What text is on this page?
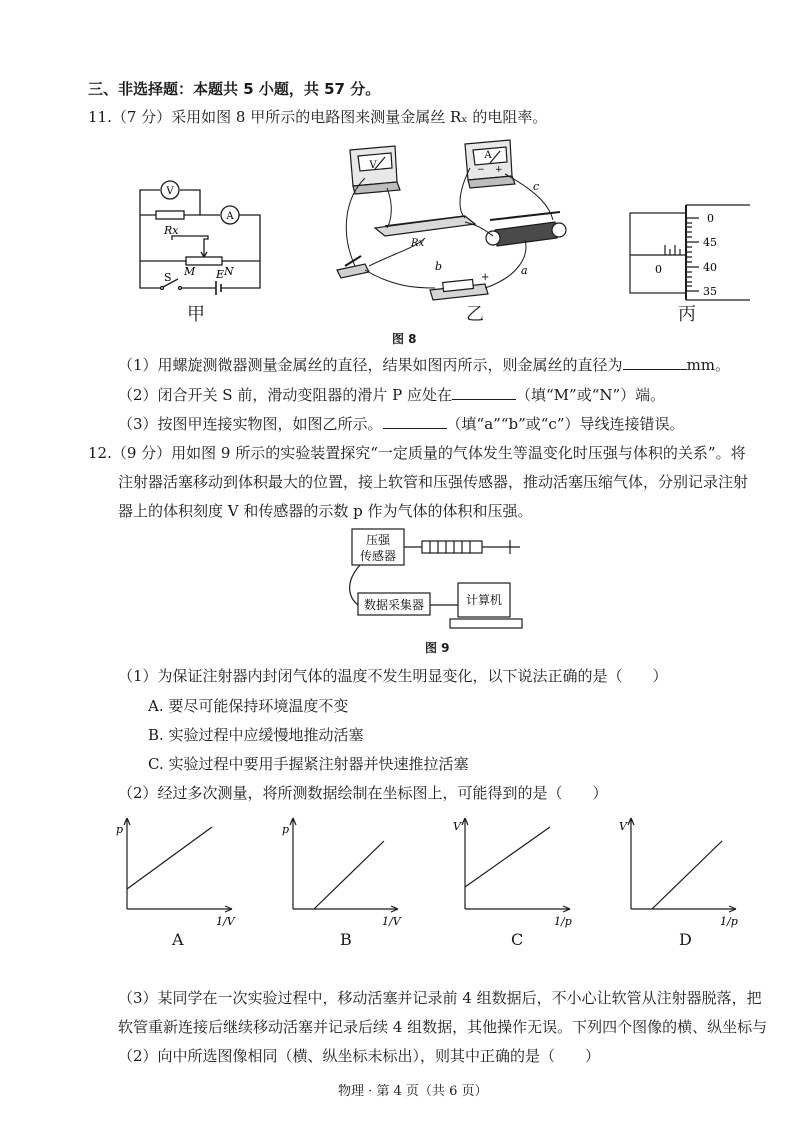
三、非选择题：本题共 5 小题，共 57 分。
11.（7 分）采用如图 8 甲所示的电路图来测量金属丝 Rₓ 的电阻率。
V
A
Rx
M	N
S	E
甲
V
A
− +
Rx
b	a
c
+
乙
0
0
45
40
35
丙
图 8
（1）用螺旋测微器测量金属丝的直径，结果如图丙所示，则金属丝的直径为	mm。
（2）闭合开关 S 前，滑动变阻器的滑片 P 应处在	（填“M”或“N”）端。
（3）按图甲连接实物图，如图乙所示。	（填“a”“b”或“c”）导线连接错误。
12.（9 分）用如图 9 所示的实验装置探究“一定质量的气体发生等温变化时压强与体积的关系”。将
注射器活塞移动到体积最大的位置，接上软管和压强传感器，推动活塞压缩气体，分别记录注射
器上的体积刻度 V 和传感器的示数 p 作为气体的体积和压强。
压强
传感器
数据采集器	计算机
图 9
（1）为保证注射器内封闭气体的温度不发生明显变化，以下说法正确的是（　　）
A. 要尽可能保持环境温度不变
B. 实验过程中应缓慢地推动活塞
C. 实验过程中要用手握紧注射器并快速推拉活塞
（2）经过多次测量，将所测数据绘制在坐标图上，可能得到的是（　　）
p
1/V
A
p
1/V
B
V
1/p
C
V
1/p
D
（3）某同学在一次实验过程中，移动活塞并记录前 4 组数据后，不小心让软管从注射器脱落，把
软管重新连接后继续移动活塞并记录后续 4 组数据，其他操作无误。下列四个图像的横、纵坐标与
（2）向中所选图像相同（横、纵坐标未标出），则其中正确的是（　　）
物理 · 第 4 页（共 6 页）
